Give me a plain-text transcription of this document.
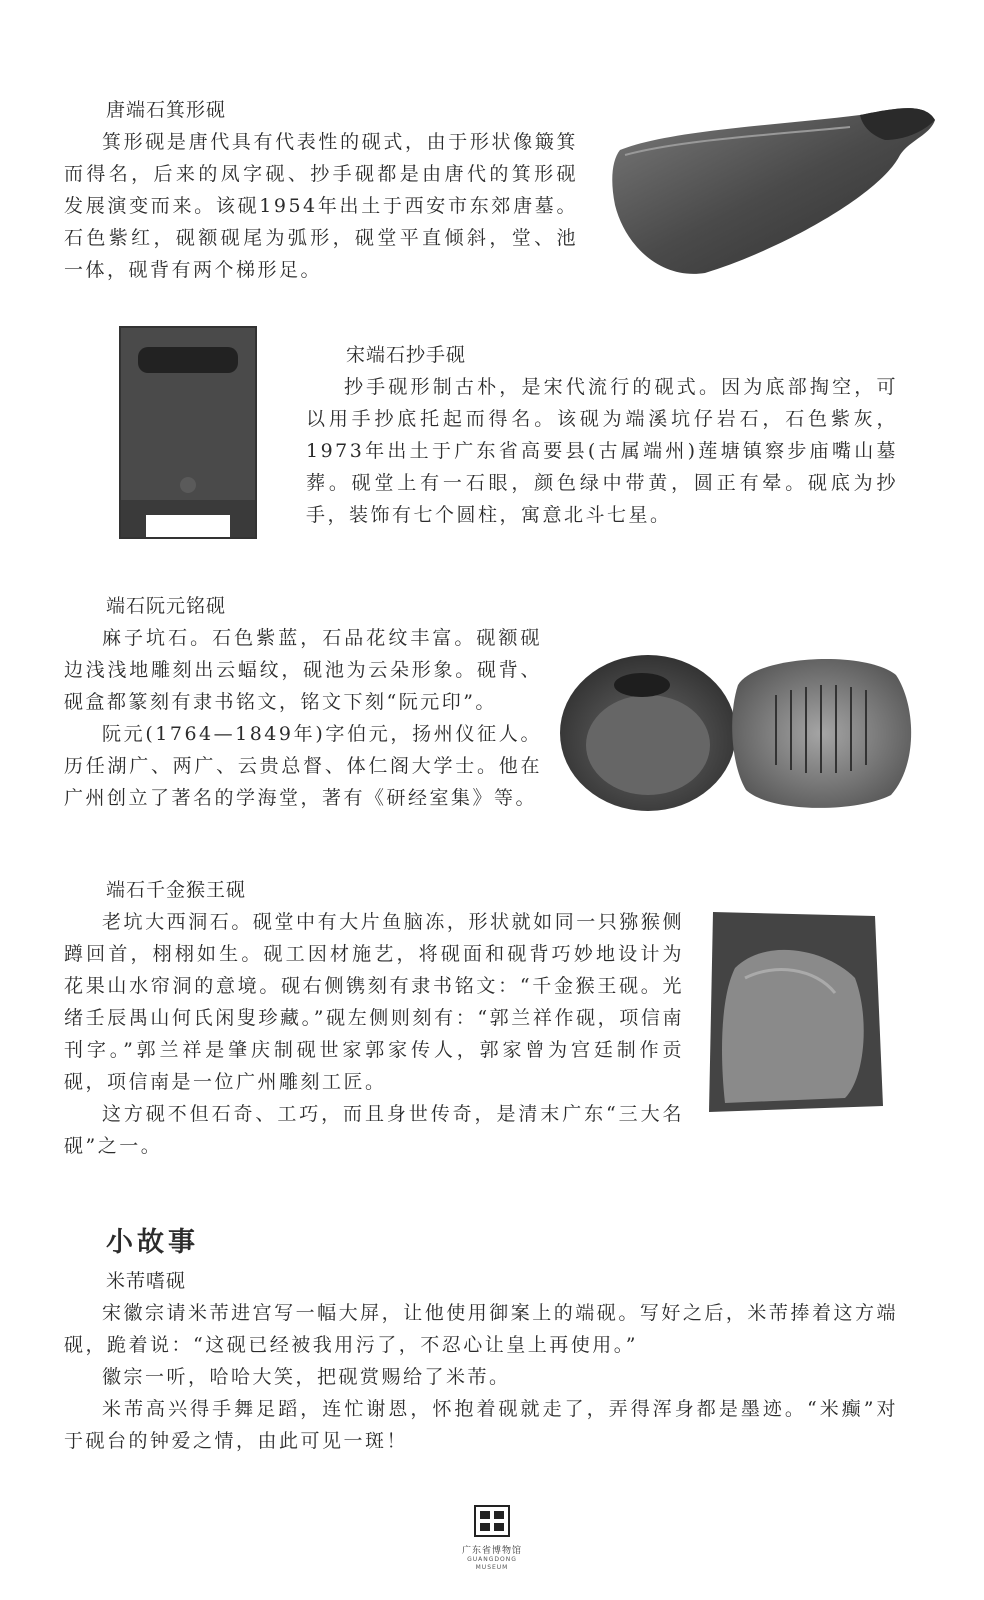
唐端石箕形砚

箕形砚是唐代具有代表性的砚式，由于形状像簸箕而得名，后来的凤字砚、抄手砚都是由唐代的箕形砚发展演变而来。该砚1954年出土于西安市东郊唐墓。石色紫红，砚额砚尾为弧形，砚堂平直倾斜，堂、池一体，砚背有两个梯形足。

宋端石抄手砚

抄手砚形制古朴，是宋代流行的砚式。因为底部掏空，可以用手抄底托起而得名。该砚为端溪坑仔岩石，石色紫灰，1973年出土于广东省高要县(古属端州)莲塘镇察步庙嘴山墓葬。砚堂上有一石眼，颜色绿中带黄，圆正有晕。砚底为抄手，装饰有七个圆柱，寓意北斗七星。

端石阮元铭砚

麻子坑石。石色紫蓝，石品花纹丰富。砚额砚边浅浅地雕刻出云蝠纹，砚池为云朵形象。砚背、砚盒都篆刻有隶书铭文，铭文下刻“阮元印”。

阮元(1764—1849年)字伯元，扬州仪征人。历任湖广、两广、云贵总督、体仁阁大学士。他在广州创立了著名的学海堂，著有《研经室集》等。

端石千金猴王砚

老坑大西洞石。砚堂中有大片鱼脑冻，形状就如同一只猕猴侧蹲回首，栩栩如生。砚工因材施艺，将砚面和砚背巧妙地设计为花果山水帘洞的意境。砚右侧镌刻有隶书铭文：“千金猴王砚。光绪壬辰禺山何氏闲叟珍藏。”砚左侧则刻有：“郭兰祥作砚，项信南刊字。”郭兰祥是肇庆制砚世家郭家传人，郭家曾为宫廷制作贡砚，项信南是一位广州雕刻工匠。

这方砚不但石奇、工巧，而且身世传奇，是清末广东“三大名砚”之一。

小故事
米芾嗜砚

宋徽宗请米芾进宫写一幅大屏，让他使用御案上的端砚。写好之后，米芾捧着这方端砚，跪着说：“这砚已经被我用污了，不忍心让皇上再使用。”

徽宗一听，哈哈大笑，把砚赏赐给了米芾。

米芾高兴得手舞足蹈，连忙谢恩，怀抱着砚就走了，弄得浑身都是墨迹。“米癫”对于砚台的钟爱之情，由此可见一斑！

广东省博物馆
GUANGDONG
MUSEUM
